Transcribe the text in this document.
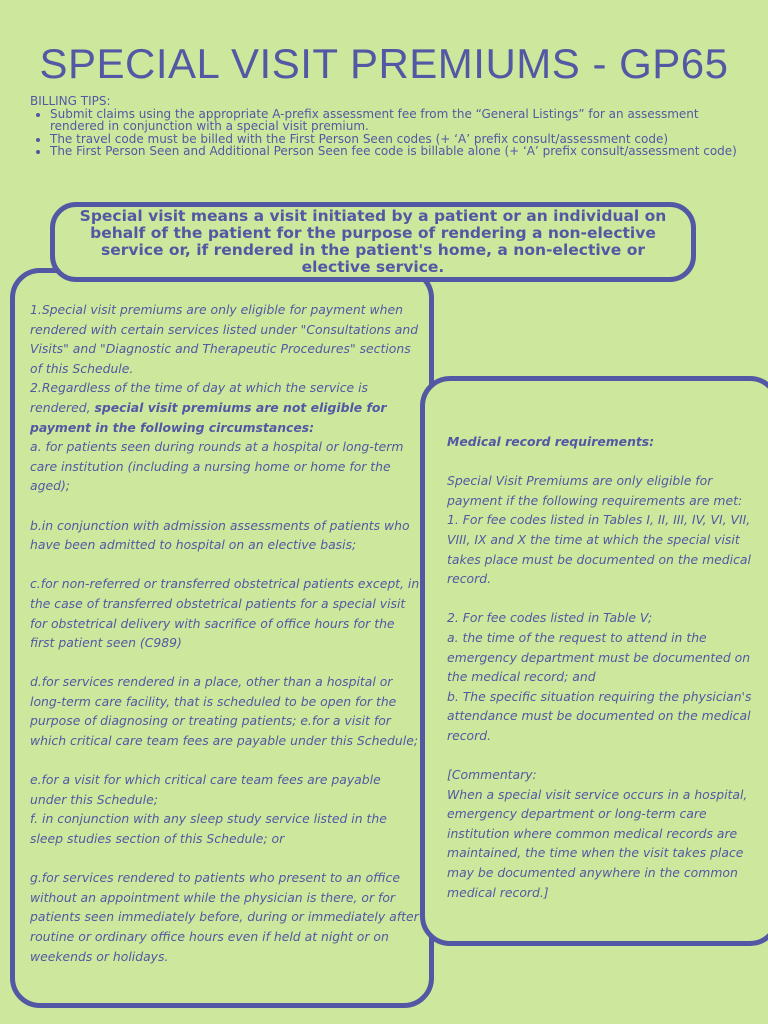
SPECIAL VISIT PREMIUMS - GP65
BILLING TIPS:
• Submit claims using the appropriate A-prefix assessment fee from the “General Listings” for an assessment rendered in conjunction with a special visit premium.
• The travel code must be billed with the First Person Seen codes (+ ‘A’ prefix consult/assessment code)
• The First Person Seen and Additional Person Seen fee code is billable alone (+ ‘A’ prefix consult/assessment code)
Special visit means a visit initiated by a patient or an individual on behalf of the patient for the purpose of rendering a non-elective service or, if rendered in the patient's home, a non-elective or elective service.

1.Special visit premiums are only eligible for payment when rendered with certain services listed under "Consultations and Visits" and "Diagnostic and Therapeutic Procedures" sections of this Schedule.

2.Regardless of the time of day at which the service is rendered, special visit premiums are not eligible for payment in the following circumstances:

a. for patients seen during rounds at a hospital or long-term care institution (including a nursing home or home for the aged);

b.in conjunction with admission assessments of patients who have been admitted to hospital on an elective basis;

c.for non-referred or transferred obstetrical patients except, in the case of transferred obstetrical patients for a special visit for obstetrical delivery with sacrifice of office hours for the first patient seen (C989)

d.for services rendered in a place, other than a hospital or long-term care facility, that is scheduled to be open for the purpose of diagnosing or treating patients; e.for a visit for which critical care team fees are payable under this Schedule;

e.for a visit for which critical care team fees are payable under this Schedule;

f. in conjunction with any sleep study service listed in the sleep studies section of this Schedule; or

g.for services rendered to patients who present to an office without an appointment while the physician is there, or for patients seen immediately before, during or immediately after routine or ordinary office hours even if held at night or on weekends or holidays.

Medical record requirements:

Special Visit Premiums are only eligible for payment if the following requirements are met:

1. For fee codes listed in Tables I, II, III, IV, VI, VII, VIII, IX and X the time at which the special visit takes place must be documented on the medical record.

2. For fee codes listed in Table V;

a. the time of the request to attend in the emergency department must be documented on the medical record; and

b. The specific situation requiring the physician's attendance must be documented on the medical record.

[Commentary:

When a special visit service occurs in a hospital, emergency department or long-term care institution where common medical records are maintained, the time when the visit takes place may be documented anywhere in the common medical record.]
